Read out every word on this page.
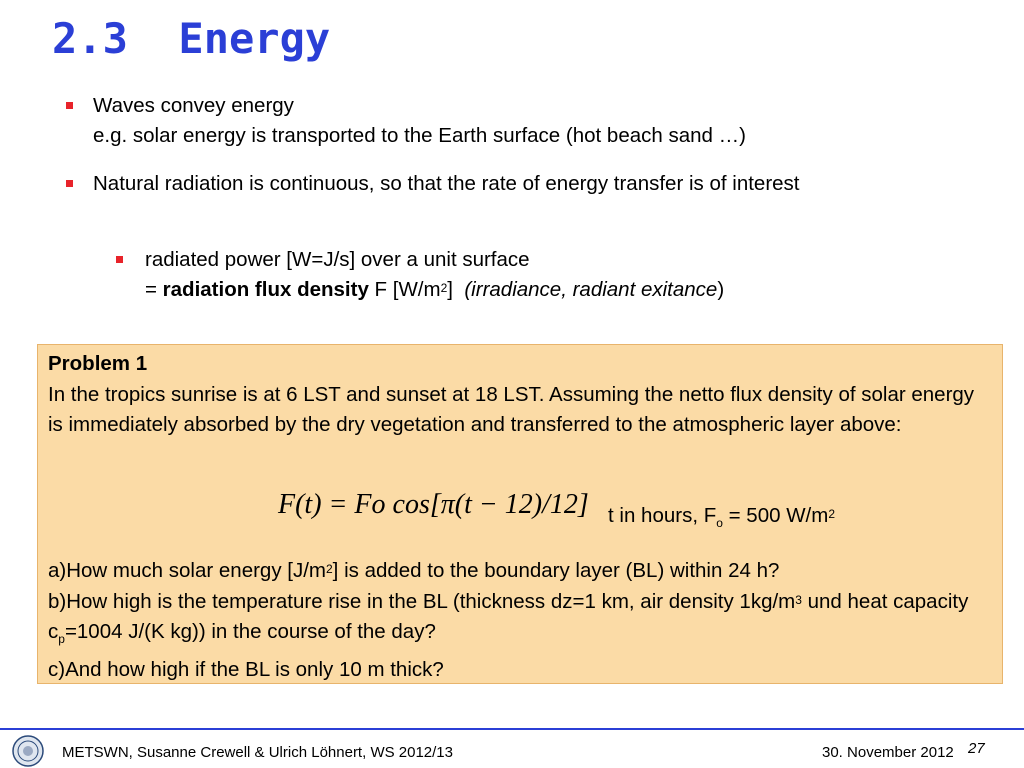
2.3  Energy
Waves convey energy
e.g. solar energy is transported to the Earth surface (hot beach sand …)
Natural radiation is continuous, so that the rate of energy transfer is of interest
radiated power [W=J/s] over a unit surface
= radiation flux density F $[W/m^2]$  (irradiance, radiant exitance)
Problem 1
In the tropics sunrise is at 6 LST and sunset at 18 LST. Assuming the netto flux density of solar energy is immediately absorbed by the dry vegetation and transferred to the atmospheric layer above:
F(t) = Fo cos[π(t − 12)/12] t in hours, $F_o = 500$ $W/m^2$
a)How much solar energy $[J/m^2]$ is added to the boundary layer (BL) within 24 h?
b)How high is the temperature rise in the BL (thickness dz=1 km, air density $1kg/m^3$ und heat capacity $c_p=1004$ J/(K kg)) in the course of the day?
c)And how high if the BL is only 10 m thick?
METSWN, Susanne Crewell & Ulrich Löhnert, WS 2012/13	30. November 2012 27
